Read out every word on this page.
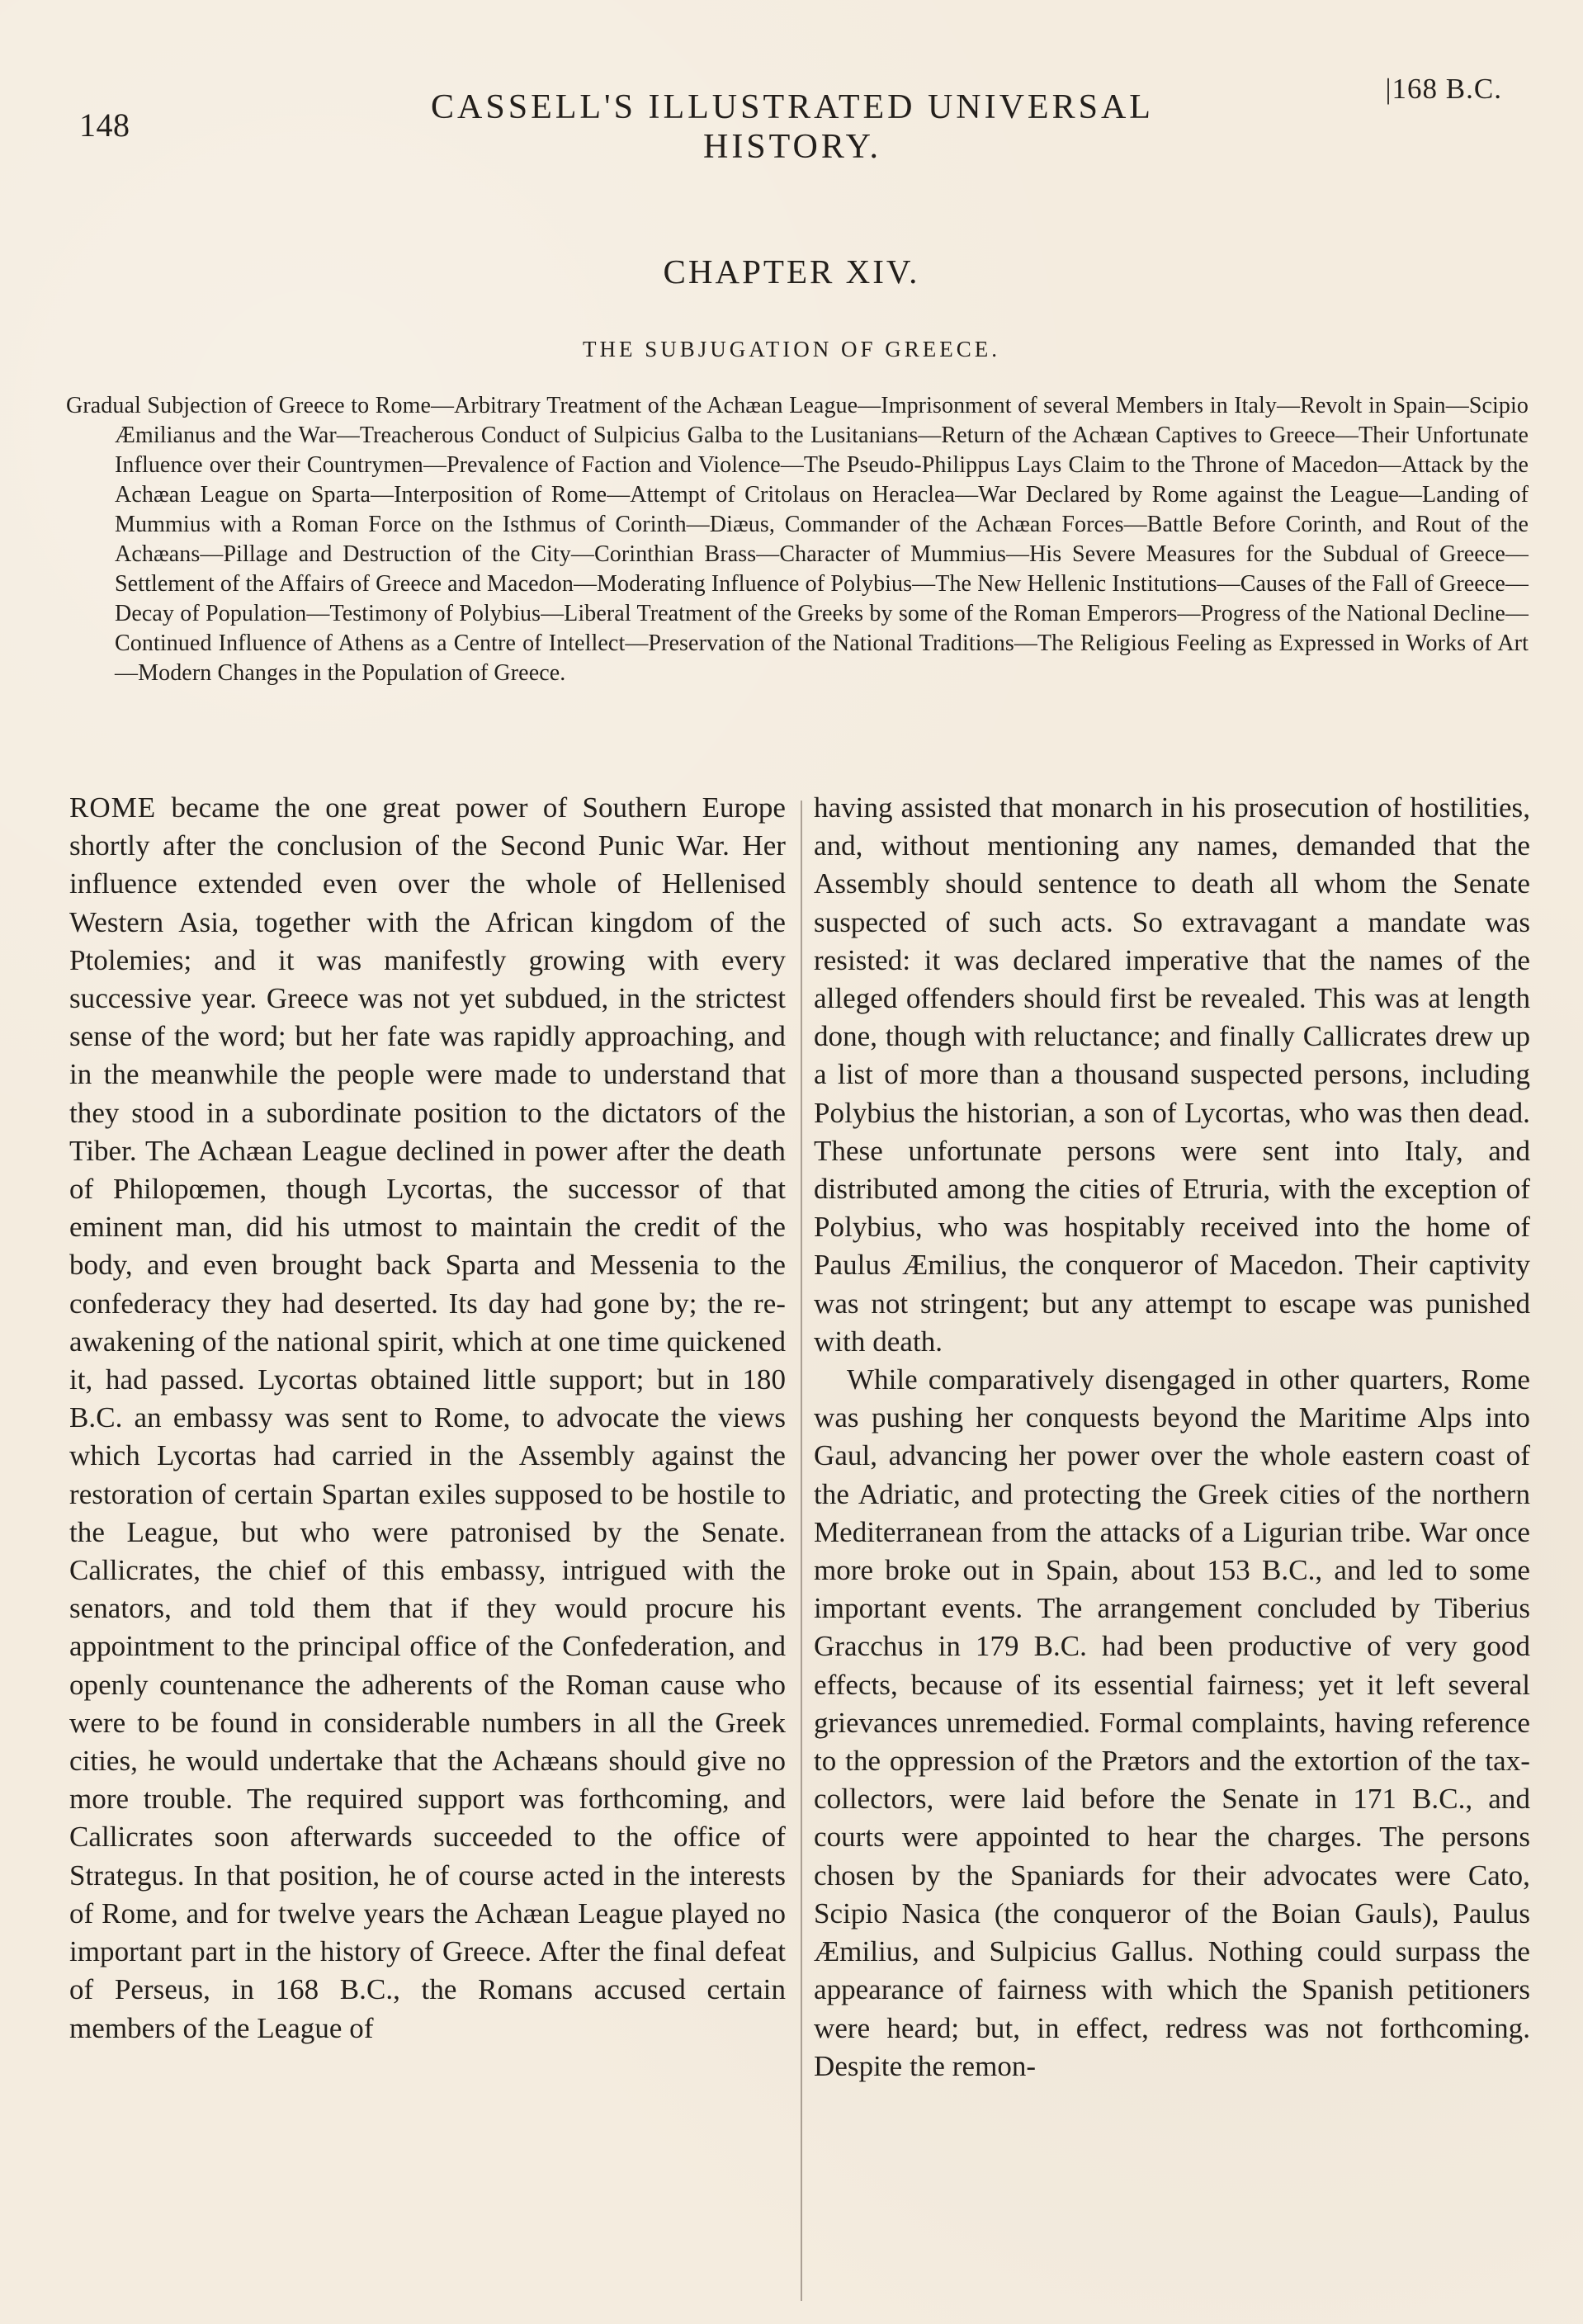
148	CASSELL'S ILLUSTRATED UNIVERSAL HISTORY.
|168 B.C.
CHAPTER XIV.
THE SUBJUGATION OF GREECE.
Gradual Subjection of Greece to Rome—Arbitrary Treatment of the Achæan League—Imprisonment of several Members in Italy—Revolt in Spain—Scipio Æmilianus and the War—Treacherous Conduct of Sulpicius Galba to the Lusitanians—Return of the Achæan Captives to Greece—Their Unfortunate Influence over their Countrymen—Prevalence of Faction and Violence—The Pseudo-Philippus Lays Claim to the Throne of Macedon—Attack by the Achæan League on Sparta—Interposition of Rome—Attempt of Critolaus on Heraclea—War Declared by Rome against the League—Landing of Mummius with a Roman Force on the Isthmus of Corinth—Diæus, Commander of the Achæan Forces—Battle Before Corinth, and Rout of the Achæans—Pillage and Destruction of the City—Corinthian Brass—Character of Mummius—His Severe Measures for the Subdual of Greece—Settlement of the Affairs of Greece and Macedon—Moderating Influence of Polybius—The New Hellenic Institutions—Causes of the Fall of Greece—Decay of Population—Testimony of Polybius—Liberal Treatment of the Greeks by some of the Roman Emperors—Progress of the National Decline—Continued Influence of Athens as a Centre of Intellect—Preservation of the National Traditions—The Religious Feeling as Expressed in Works of Art—Modern Changes in the Population of Greece.

ROME became the one great power of Southern Europe shortly after the conclusion of the Second Punic War. Her influence extended even over the whole of Hellenised Western Asia, together with the African kingdom of the Ptolemies; and it was manifestly growing with every successive year. Greece was not yet subdued, in the strictest sense of the word; but her fate was rapidly approaching, and in the meanwhile the people were made to understand that they stood in a subordinate position to the dictators of the Tiber. The Achæan League declined in power after the death of Philopœmen, though Lycortas, the successor of that eminent man, did his utmost to maintain the credit of the body, and even brought back Sparta and Messenia to the confederacy they had deserted. Its day had gone by; the re-awakening of the national spirit, which at one time quickened it, had passed. Lycortas obtained little support; but in 180 B.C. an embassy was sent to Rome, to advocate the views which Lycortas had carried in the Assembly against the restoration of certain Spartan exiles supposed to be hostile to the League, but who were patronised by the Senate. Callicrates, the chief of this embassy, intrigued with the senators, and told them that if they would procure his appointment to the principal office of the Confederation, and openly countenance the adherents of the Roman cause who were to be found in considerable numbers in all the Greek cities, he would undertake that the Achæans should give no more trouble. The required support was forthcoming, and Callicrates soon afterwards succeeded to the office of Strategus. In that position, he of course acted in the interests of Rome, and for twelve years the Achæan League played no important part in the history of Greece. After the final defeat of Perseus, in 168 B.C., the Romans accused certain members of the League of

having assisted that monarch in his prosecution of hostilities, and, without mentioning any names, demanded that the Assembly should sentence to death all whom the Senate suspected of such acts. So extravagant a mandate was resisted: it was declared imperative that the names of the alleged offenders should first be revealed. This was at length done, though with reluctance; and finally Callicrates drew up a list of more than a thousand suspected persons, including Polybius the historian, a son of Lycortas, who was then dead. These unfortunate persons were sent into Italy, and distributed among the cities of Etruria, with the exception of Polybius, who was hospitably received into the home of Paulus Æmilius, the conqueror of Macedon. Their captivity was not stringent; but any attempt to escape was punished with death.

While comparatively disengaged in other quarters, Rome was pushing her conquests beyond the Maritime Alps into Gaul, advancing her power over the whole eastern coast of the Adriatic, and protecting the Greek cities of the northern Mediterranean from the attacks of a Ligurian tribe. War once more broke out in Spain, about 153 B.C., and led to some important events. The arrangement concluded by Tiberius Gracchus in 179 B.C. had been productive of very good effects, because of its essential fairness; yet it left several grievances unremedied. Formal complaints, having reference to the oppression of the Prætors and the extortion of the tax-collectors, were laid before the Senate in 171 B.C., and courts were appointed to hear the charges. The persons chosen by the Spaniards for their advocates were Cato, Scipio Nasica (the conqueror of the Boian Gauls), Paulus Æmilius, and Sulpicius Gallus. Nothing could surpass the appearance of fairness with which the Spanish petitioners were heard; but, in effect, redress was not forthcoming. Despite the remon-
